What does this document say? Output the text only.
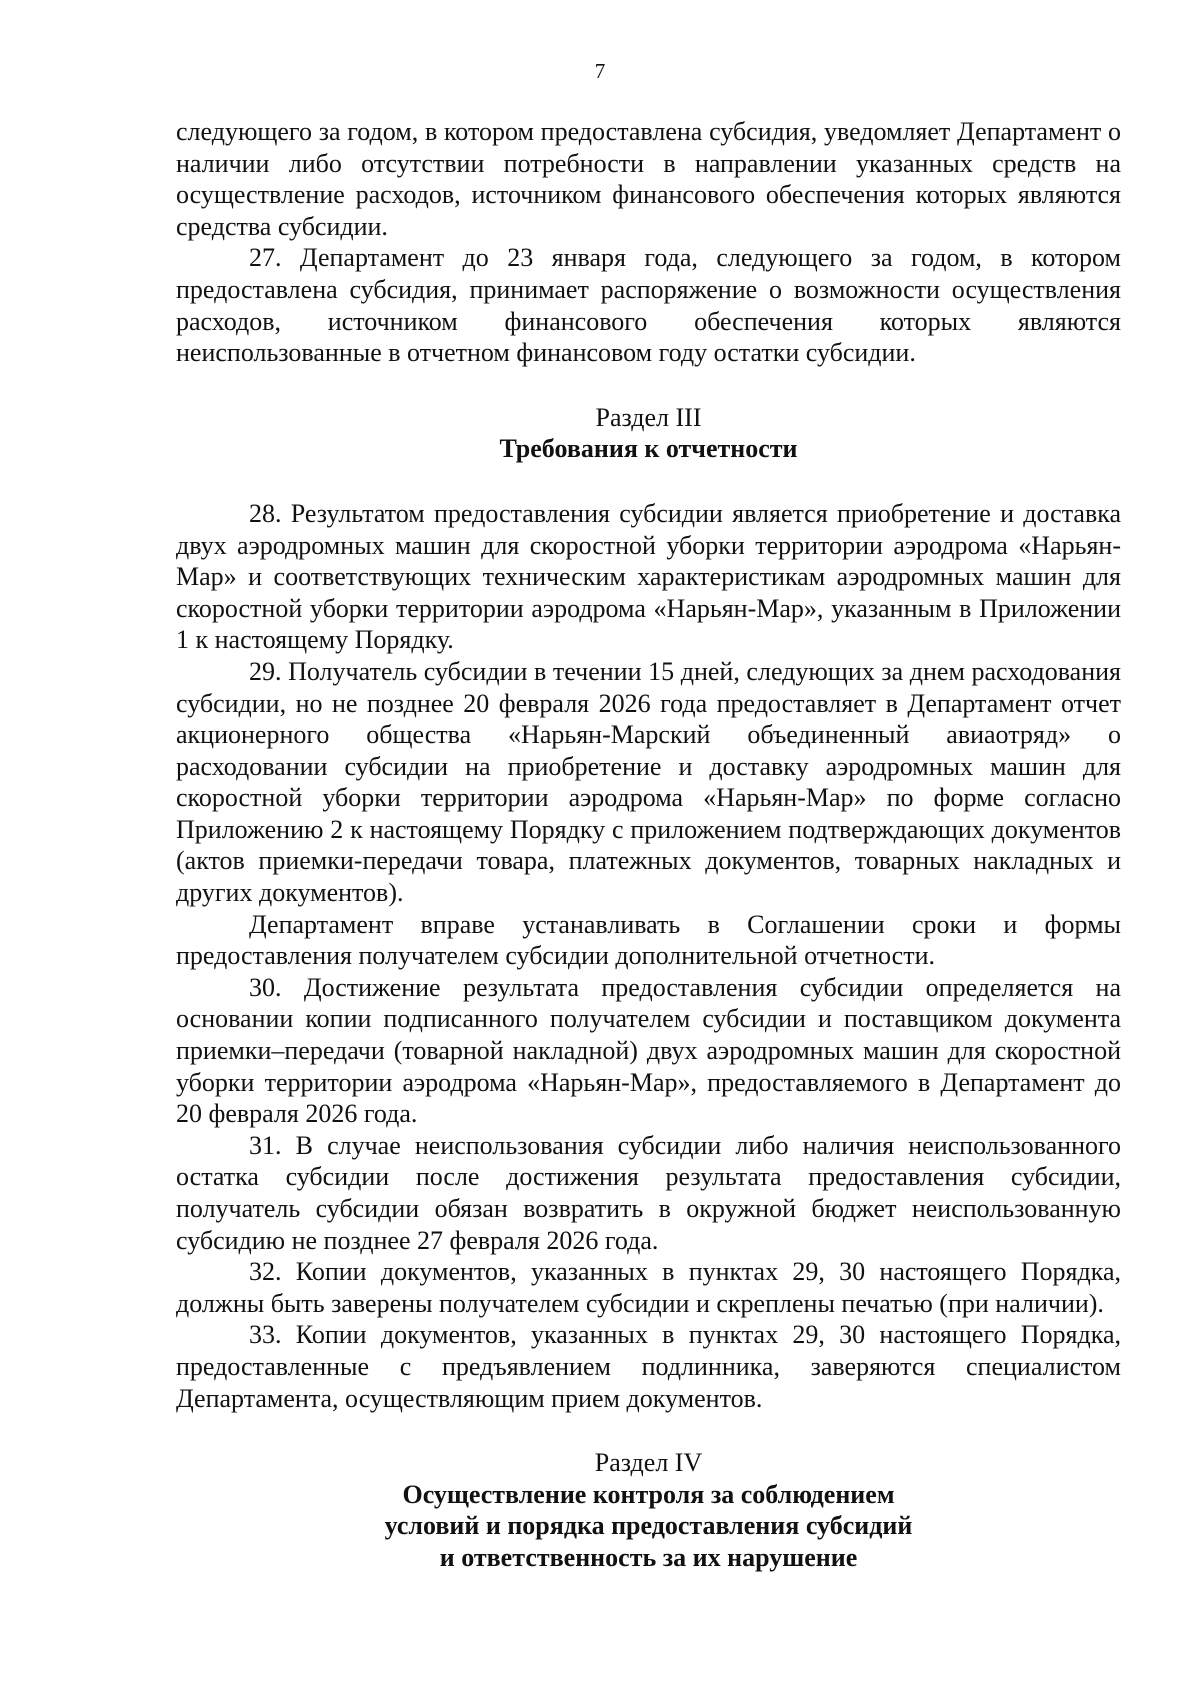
7

следующего за годом, в котором предоставлена субсидия, уведомляет Департамент о наличии либо отсутствии потребности в направлении указанных средств на осуществление расходов, источником финансового обеспечения которых являются средства субсидии.

27. Департамент до 23 января года, следующего за годом, в котором предоставлена субсидия, принимает распоряжение о возможности осуществления расходов, источником финансового обеспечения которых являются неиспользованные в отчетном финансовом году остатки субсидии.

Раздел III

Требования к отчетности

28. Результатом предоставления субсидии является приобретение и доставка двух аэродромных машин для скоростной уборки территории аэродрома «Нарьян-Мар» и соответствующих техническим характеристикам аэродромных машин для скоростной уборки территории аэродрома «Нарьян-Мар», указанным в Приложении 1 к настоящему Порядку.

29. Получатель субсидии в течении 15 дней, следующих за днем расходования субсидии, но не позднее 20 февраля 2026 года предоставляет в Департамент отчет акционерного общества «Нарьян-Марский объединенный авиаотряд» о расходовании субсидии на приобретение и доставку аэродромных машин для скоростной уборки территории аэродрома «Нарьян-Мар» по форме согласно Приложению 2 к настоящему Порядку с приложением подтверждающих документов (актов приемки-передачи товара, платежных документов, товарных накладных и других документов).

Департамент вправе устанавливать в Соглашении сроки и формы предоставления получателем субсидии дополнительной отчетности.

30. Достижение результата предоставления субсидии определяется на основании копии подписанного получателем субсидии и поставщиком документа приемки–передачи (товарной накладной) двух аэродромных машин для скоростной уборки территории аэродрома «Нарьян-Мар», предоставляемого в Департамент до 20 февраля 2026 года.

31. В случае неиспользования субсидии либо наличия неиспользованного остатка субсидии после достижения результата предоставления субсидии, получатель субсидии обязан возвратить в окружной бюджет неиспользованную субсидию не позднее 27 февраля 2026 года.

32. Копии документов, указанных в пунктах 29, 30 настоящего Порядка, должны быть заверены получателем субсидии и скреплены печатью (при наличии).

33. Копии документов, указанных в пунктах 29, 30 настоящего Порядка, предоставленные с предъявлением подлинника, заверяются специалистом Департамента, осуществляющим прием документов.

Раздел IV

Осуществление контроля за соблюдением
условий и порядка предоставления субсидий
и ответственность за их нарушение
